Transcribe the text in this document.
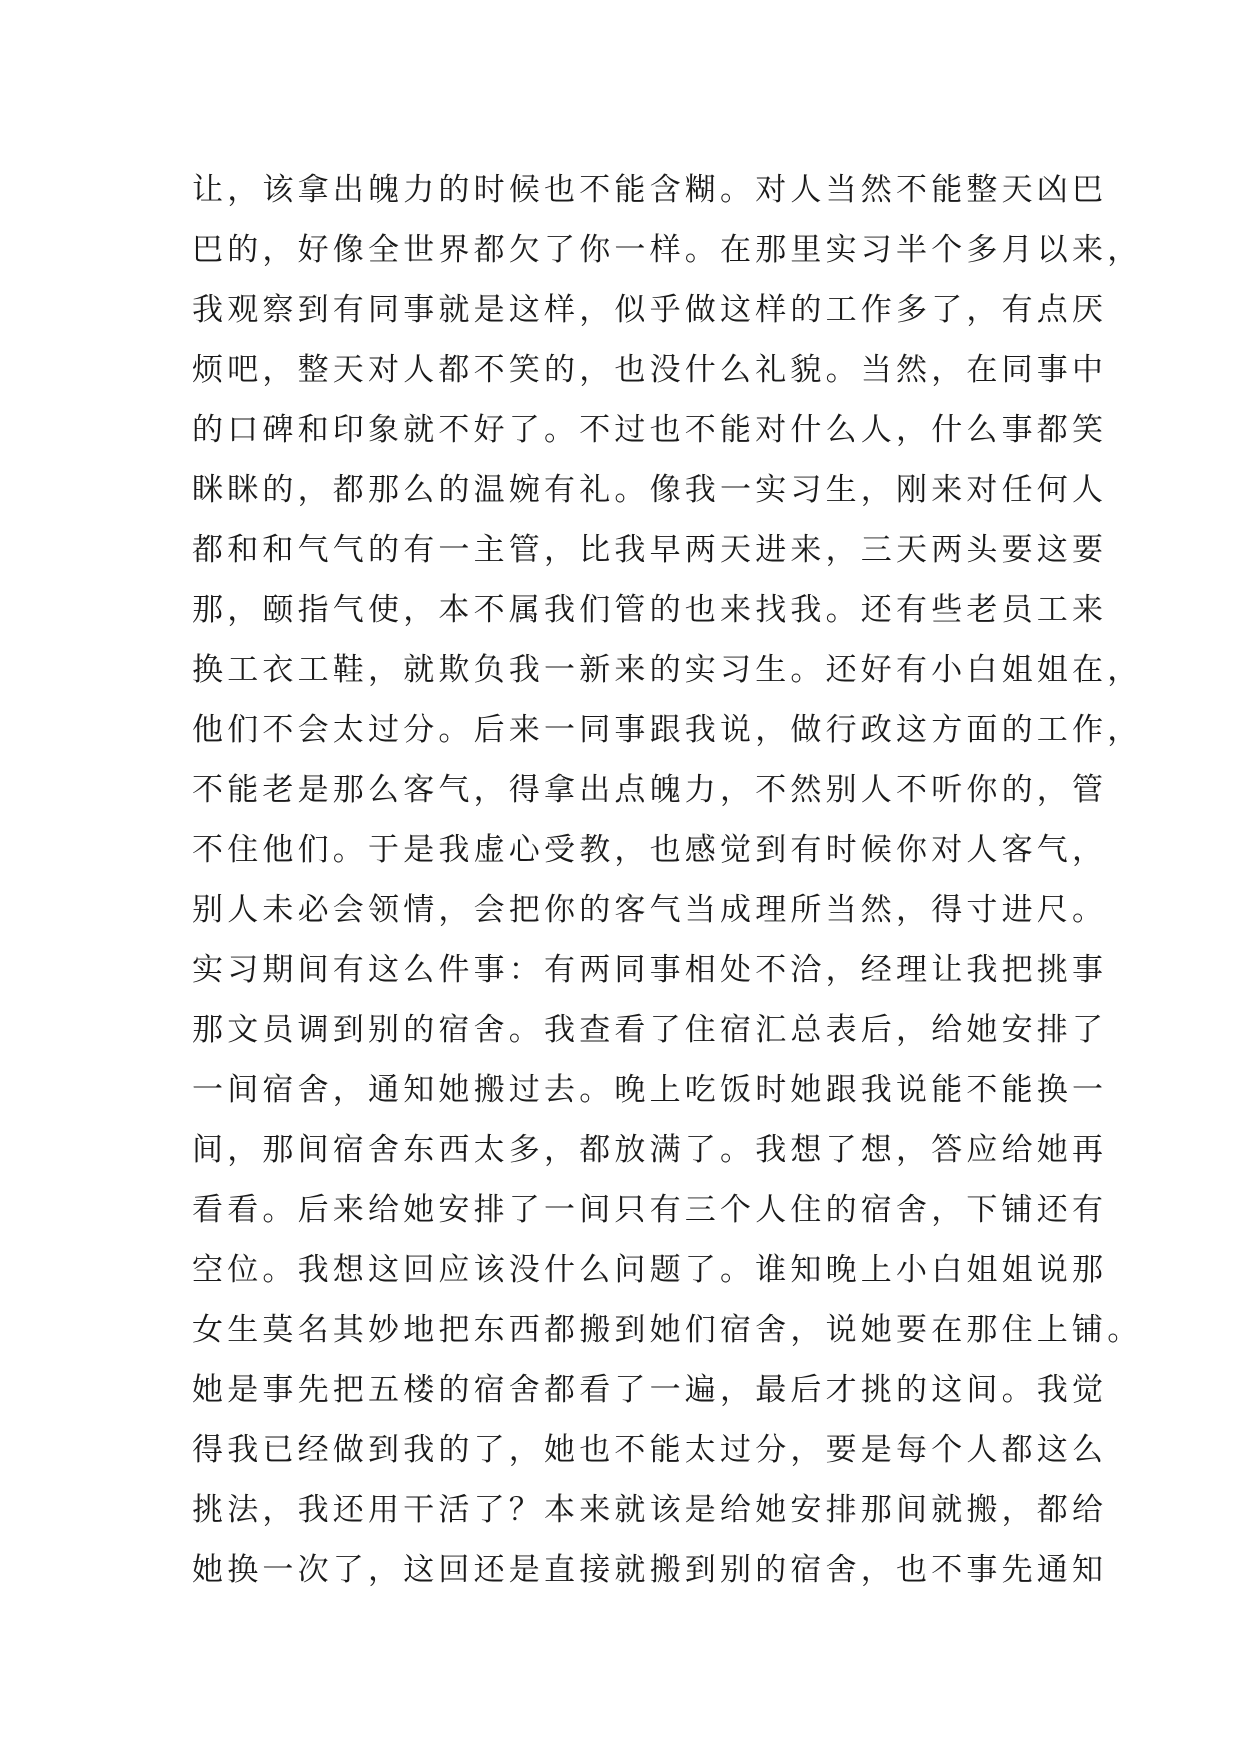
让，该拿出魄力的时候也不能含糊。对人当然不能整天凶巴
巴的，好像全世界都欠了你一样。在那里实习半个多月以来，
我观察到有同事就是这样，似乎做这样的工作多了，有点厌
烦吧，整天对人都不笑的，也没什么礼貌。当然，在同事中
的口碑和印象就不好了。不过也不能对什么人，什么事都笑
眯眯的，都那么的温婉有礼。像我一实习生，刚来对任何人
都和和气气的有一主管，比我早两天进来，三天两头要这要
那，颐指气使，本不属我们管的也来找我。还有些老员工来
换工衣工鞋，就欺负我一新来的实习生。还好有小白姐姐在，
他们不会太过分。后来一同事跟我说，做行政这方面的工作，
不能老是那么客气，得拿出点魄力，不然别人不听你的，管
不住他们。于是我虚心受教，也感觉到有时候你对人客气，
别人未必会领情，会把你的客气当成理所当然，得寸进尺。
实习期间有这么件事：有两同事相处不洽，经理让我把挑事
那文员调到别的宿舍。我查看了住宿汇总表后，给她安排了
一间宿舍，通知她搬过去。晚上吃饭时她跟我说能不能换一
间，那间宿舍东西太多，都放满了。我想了想，答应给她再
看看。后来给她安排了一间只有三个人住的宿舍，下铺还有
空位。我想这回应该没什么问题了。谁知晚上小白姐姐说那
女生莫名其妙地把东西都搬到她们宿舍，说她要在那住上铺。
她是事先把五楼的宿舍都看了一遍，最后才挑的这间。我觉
得我已经做到我的了，她也不能太过分，要是每个人都这么
挑法，我还用干活了？本来就该是给她安排那间就搬，都给
她换一次了，这回还是直接就搬到别的宿舍，也不事先通知
